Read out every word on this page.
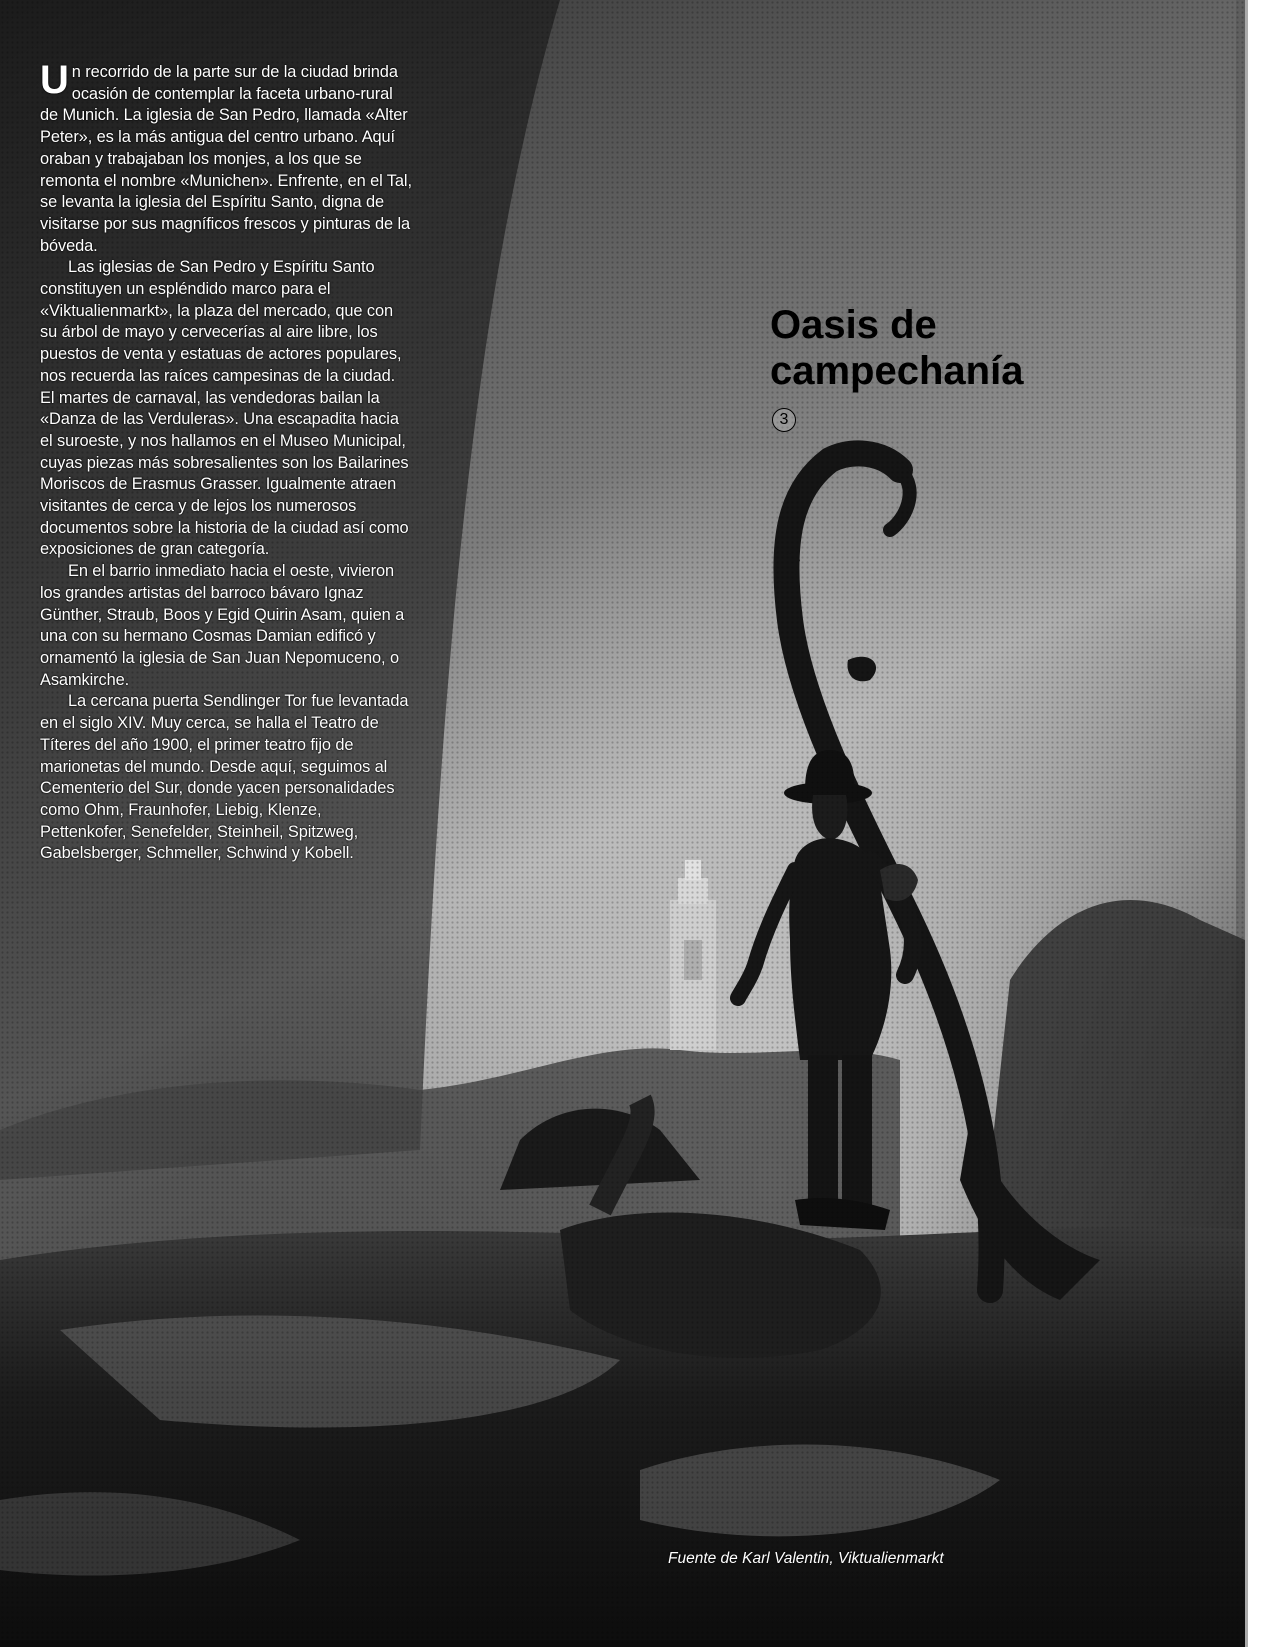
Un recorrido de la parte sur de la ciudad brinda ocasión de contemplar la faceta urbano-rural de Munich. La iglesia de San Pedro, llamada «Alter Peter», es la más antigua del centro urbano. Aquí oraban y trabajaban los monjes, a los que se remonta el nombre «Munichen». Enfrente, en el Tal, se levanta la iglesia del Espíritu Santo, digna de visitarse por sus magníficos frescos y pinturas de la bóveda.

Las iglesias de San Pedro y Espíritu Santo constituyen un espléndido marco para el «Viktualienmarkt», la plaza del mercado, que con su árbol de mayo y cervecerías al aire libre, los puestos de venta y estatuas de actores populares, nos recuerda las raíces campesinas de la ciudad. El martes de carnaval, las vendedoras bailan la «Danza de las Verduleras». Una escapadita hacia el suroeste, y nos hallamos en el Museo Municipal, cuyas piezas más sobresalientes son los Bailarines Moriscos de Erasmus Grasser. Igualmente atraen visitantes de cerca y de lejos los numerosos documentos sobre la historia de la ciudad así como exposiciones de gran categoría.

En el barrio inmediato hacia el oeste, vivieron los grandes artistas del barroco bávaro Ignaz Günther, Straub, Boos y Egid Quirin Asam, quien a una con su hermano Cosmas Damian edificó y ornamentó la iglesia de San Juan Nepomuceno, o Asamkirche.

La cercana puerta Sendlinger Tor fue levantada en el siglo XIV. Muy cerca, se halla el Teatro de Títeres del año 1900, el primer teatro fijo de marionetas del mundo. Desde aquí, seguimos al Cementerio del Sur, donde yacen personalidades como Ohm, Fraunhofer, Liebig, Klenze, Pettenkofer, Senefelder, Steinheil, Spitzweg, Gabelsberger, Schmeller, Schwind y Kobell.

Oasis de
campechanía
3
Fuente de Karl Valentin, Viktualienmarkt
